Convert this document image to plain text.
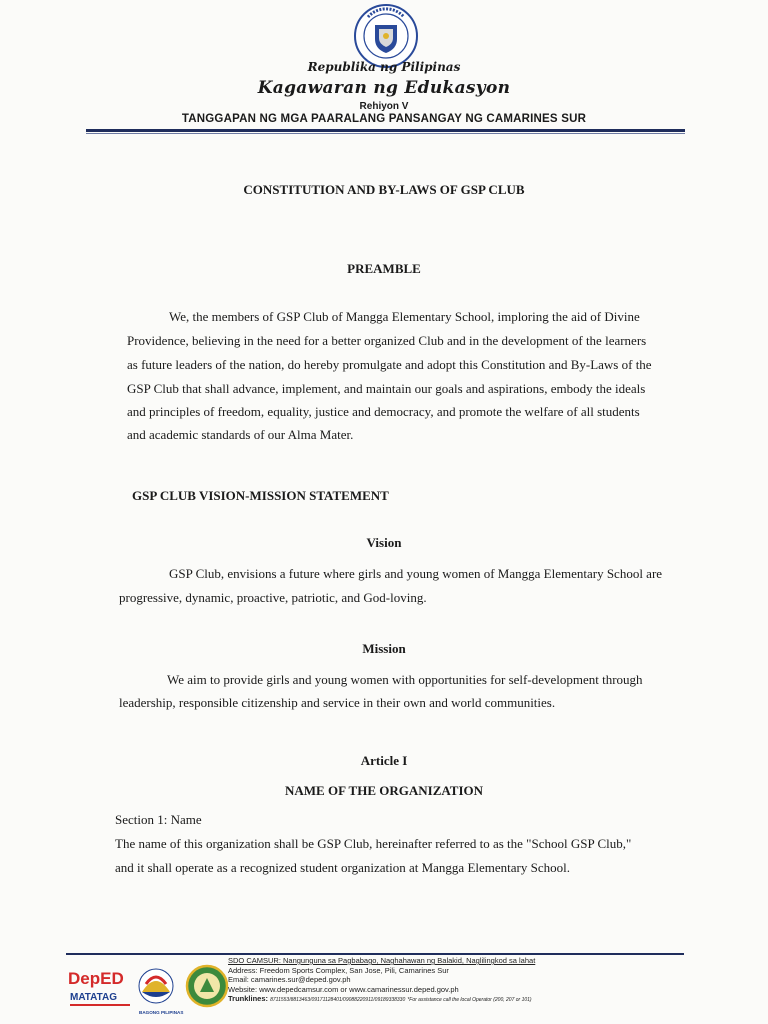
Republika ng Pilipinas
Kagawaran ng Edukasyon
Rehiyon V
TANGGAPAN NG MGA PAARALANG PANSANGAY NG CAMARINES SUR
CONSTITUTION AND BY-LAWS OF GSP CLUB
PREAMBLE
We, the members of GSP Club of Mangga Elementary School, imploring the aid of Divine
Providence, believing in the need for a better organized Club and in the development of the learners
as future leaders of the nation, do hereby promulgate and adopt this Constitution and By-Laws of the
GSP Club that shall advance, implement, and maintain our goals and aspirations, embody the ideals
and principles of freedom, equality, justice and democracy, and promote the welfare of all students
and academic standards of our Alma Mater.
GSP CLUB VISION-MISSION STATEMENT
Vision
GSP Club, envisions a future where girls and young women of Mangga Elementary School are
progressive, dynamic, proactive, patriotic, and God-loving.
Mission
We aim to provide girls and young women with opportunities for self-development through
leadership, responsible citizenship and service in their own and world communities.
Article I
NAME OF THE ORGANIZATION
Section 1: Name
The name of this organization shall be GSP Club, hereinafter referred to as the "School GSP Club,"
and it shall operate as a recognized student organization at Mangga Elementary School.
DepED
MATATAG
BAGONG PILIPINAS
SDO CAMSUR: Nangunguna sa Pagbabago, Naghahawan ng Balakid, Naglilingkod sa lahat
Address: Freedom Sports Complex, San Jose, Pili, Camarines Sur
Email: camarines.sur@deped.gov.ph
Website: www.depedcamsur.com or www.camarinessur.deped.gov.ph
Trunklines: 8711553/8813463/09171128401/09088220911/09189338330 *For assistance call the local Operator (200, 207 or 101)
